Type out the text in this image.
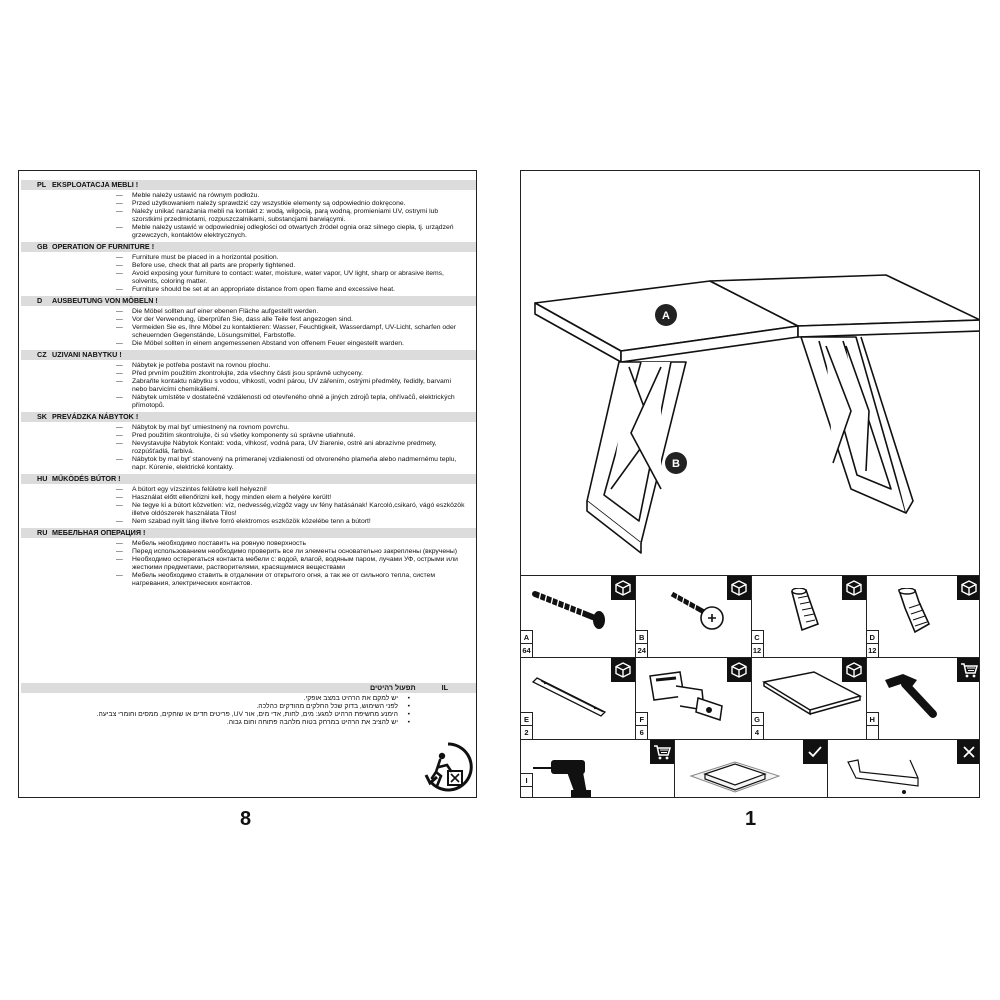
PL EKSPLOATACJA MEBLI !
— Meble należy ustawić na równym podłożu.
— Przed użytkowaniem należy sprawdzić czy wszystkie elementy są odpowiednio dokręcone.
— Należy unikać narażania mebli na kontakt z: wodą, wilgocią, parą wodną, promieniami UV, ostrymi lub szorstkimi przedmiotami, rozpuszczalnikami, substancjami barwiącymi.
— Meble należy ustawić w odpowiedniej odległości od otwartych źródeł ognia oraz silnego ciepła, tj. urządzeń grzewczych, kontaktów elektrycznych.
GB OPERATION OF FURNITURE !
— Furniture must be placed in a horizontal position.
— Before use, check that all parts are properly tightened.
— Avoid exposing your furniture to contact: water, moisture, water vapor, UV light, sharp or abrasive items, solvents, coloring matter.
— Furniture should be set at an appropriate distance from open flame and excessive heat.
D AUSBEUTUNG VON MÖBELN !
— Die Möbel sollten auf einer ebenen Fläche aufgestellt werden.
— Vor der Verwendung, überprüfen Sie, dass alle Teile fest angezogen sind.
— Vermeiden Sie es, Ihre Möbel zu kontaktieren: Wasser, Feuchtigkeit, Wasserdampf, UV-Licht, scharfen oder scheuernden Gegenstände, Lösungsmittel, Farbstoffe.
— Die Möbel sollten in einem angemessenen Abstand von offenem Feuer eingestellt warden.
CZ UZIVANI NABYTKU !
— Nábytek je potřeba postavit na rovnou plochu.
— Před prvním použitím zkontrolujte, zda všechny části jsou správně uchyceny.
— Zabraňte kontaktu nábytku s vodou, vlhkostí, vodní párou, UV zářením, ostrými předměty, ředidly, barvami nebo barvicími chemikáliemi.
— Nábytek umístěte v dostatečné vzdálenosti od otevřeného ohně a jiných zdrojů tepla, ohřívačů, elektrických přímotopů.
SK PREVÁDZKA NÁBYTOK !
— Nábytok by mal byť umiestnený na rovnom povrchu.
— Pred použitím skontrolujte, či sú všetky komponenty sú správne utiahnuté.
— Nevystavujte Nábytok Kontakt: voda, vlhkosť, vodná para, UV žiarenie, ostré ani abrazívne predmety, rozpúšťadlá, farbivá.
— Nábytok by mal byť stanovený na primeranej vzdialenosti od otvoreného plameňa alebo nadmernému teplu, napr. Kúrenie, elektrické kontakty.
HU MŰKÖDÉS BÚTOR !
— A bútort egy vízszintes felületre kell helyezni!
— Használat előtt ellenőrizni kell, hogy minden elem a helyére került!
— Ne tegye ki a bútort közvetlen: víz, nedvesség,vízgőz vagy uv fény hatásának! Karcoló,csikaró, vágó eszközök illetve oldószerek használata Tilos!
— Nem szabad nyílt láng illetve forró elektromos eszközök közelébe tenn a bútort!
RU МЕБЕЛЬНАЯ ОПЕРАЦИЯ !
— Мебель необходимо поставить на ровную поверхность
— Перед использованием необходимо проверить все ли элементы основательно закреплены (вкручены)
— Необходимо остерегаться контакта мебели с: водой, влагой, водяным паром, лучами УФ, острыми или жесткими предметами, растворителями, красящимися веществами
— Мебель необходимо ставить в отдалении от открытого огня, а так же от сильного тепла, систем нагревания, электрических контактов.
IL תפעול רהיטים
• יש למקם את הרהיט במצב אופקי.
• לפני השימוש, בדוק שכל החלקים מהודקים כהלכה.
• הימנע מחשיפת הרהיט למגע: מים, לחות, אדי מים, אור UV, פריטים חדים או שוחקים, ממסים וחומרי צביעה.
• יש להציב את הרהיט במרחק בטוח מלהבה פתוחה וחום גבוה.
8
A
B
A
64
B
24
C
12
D
12
E
2
F
6
G
4
H
I
1
